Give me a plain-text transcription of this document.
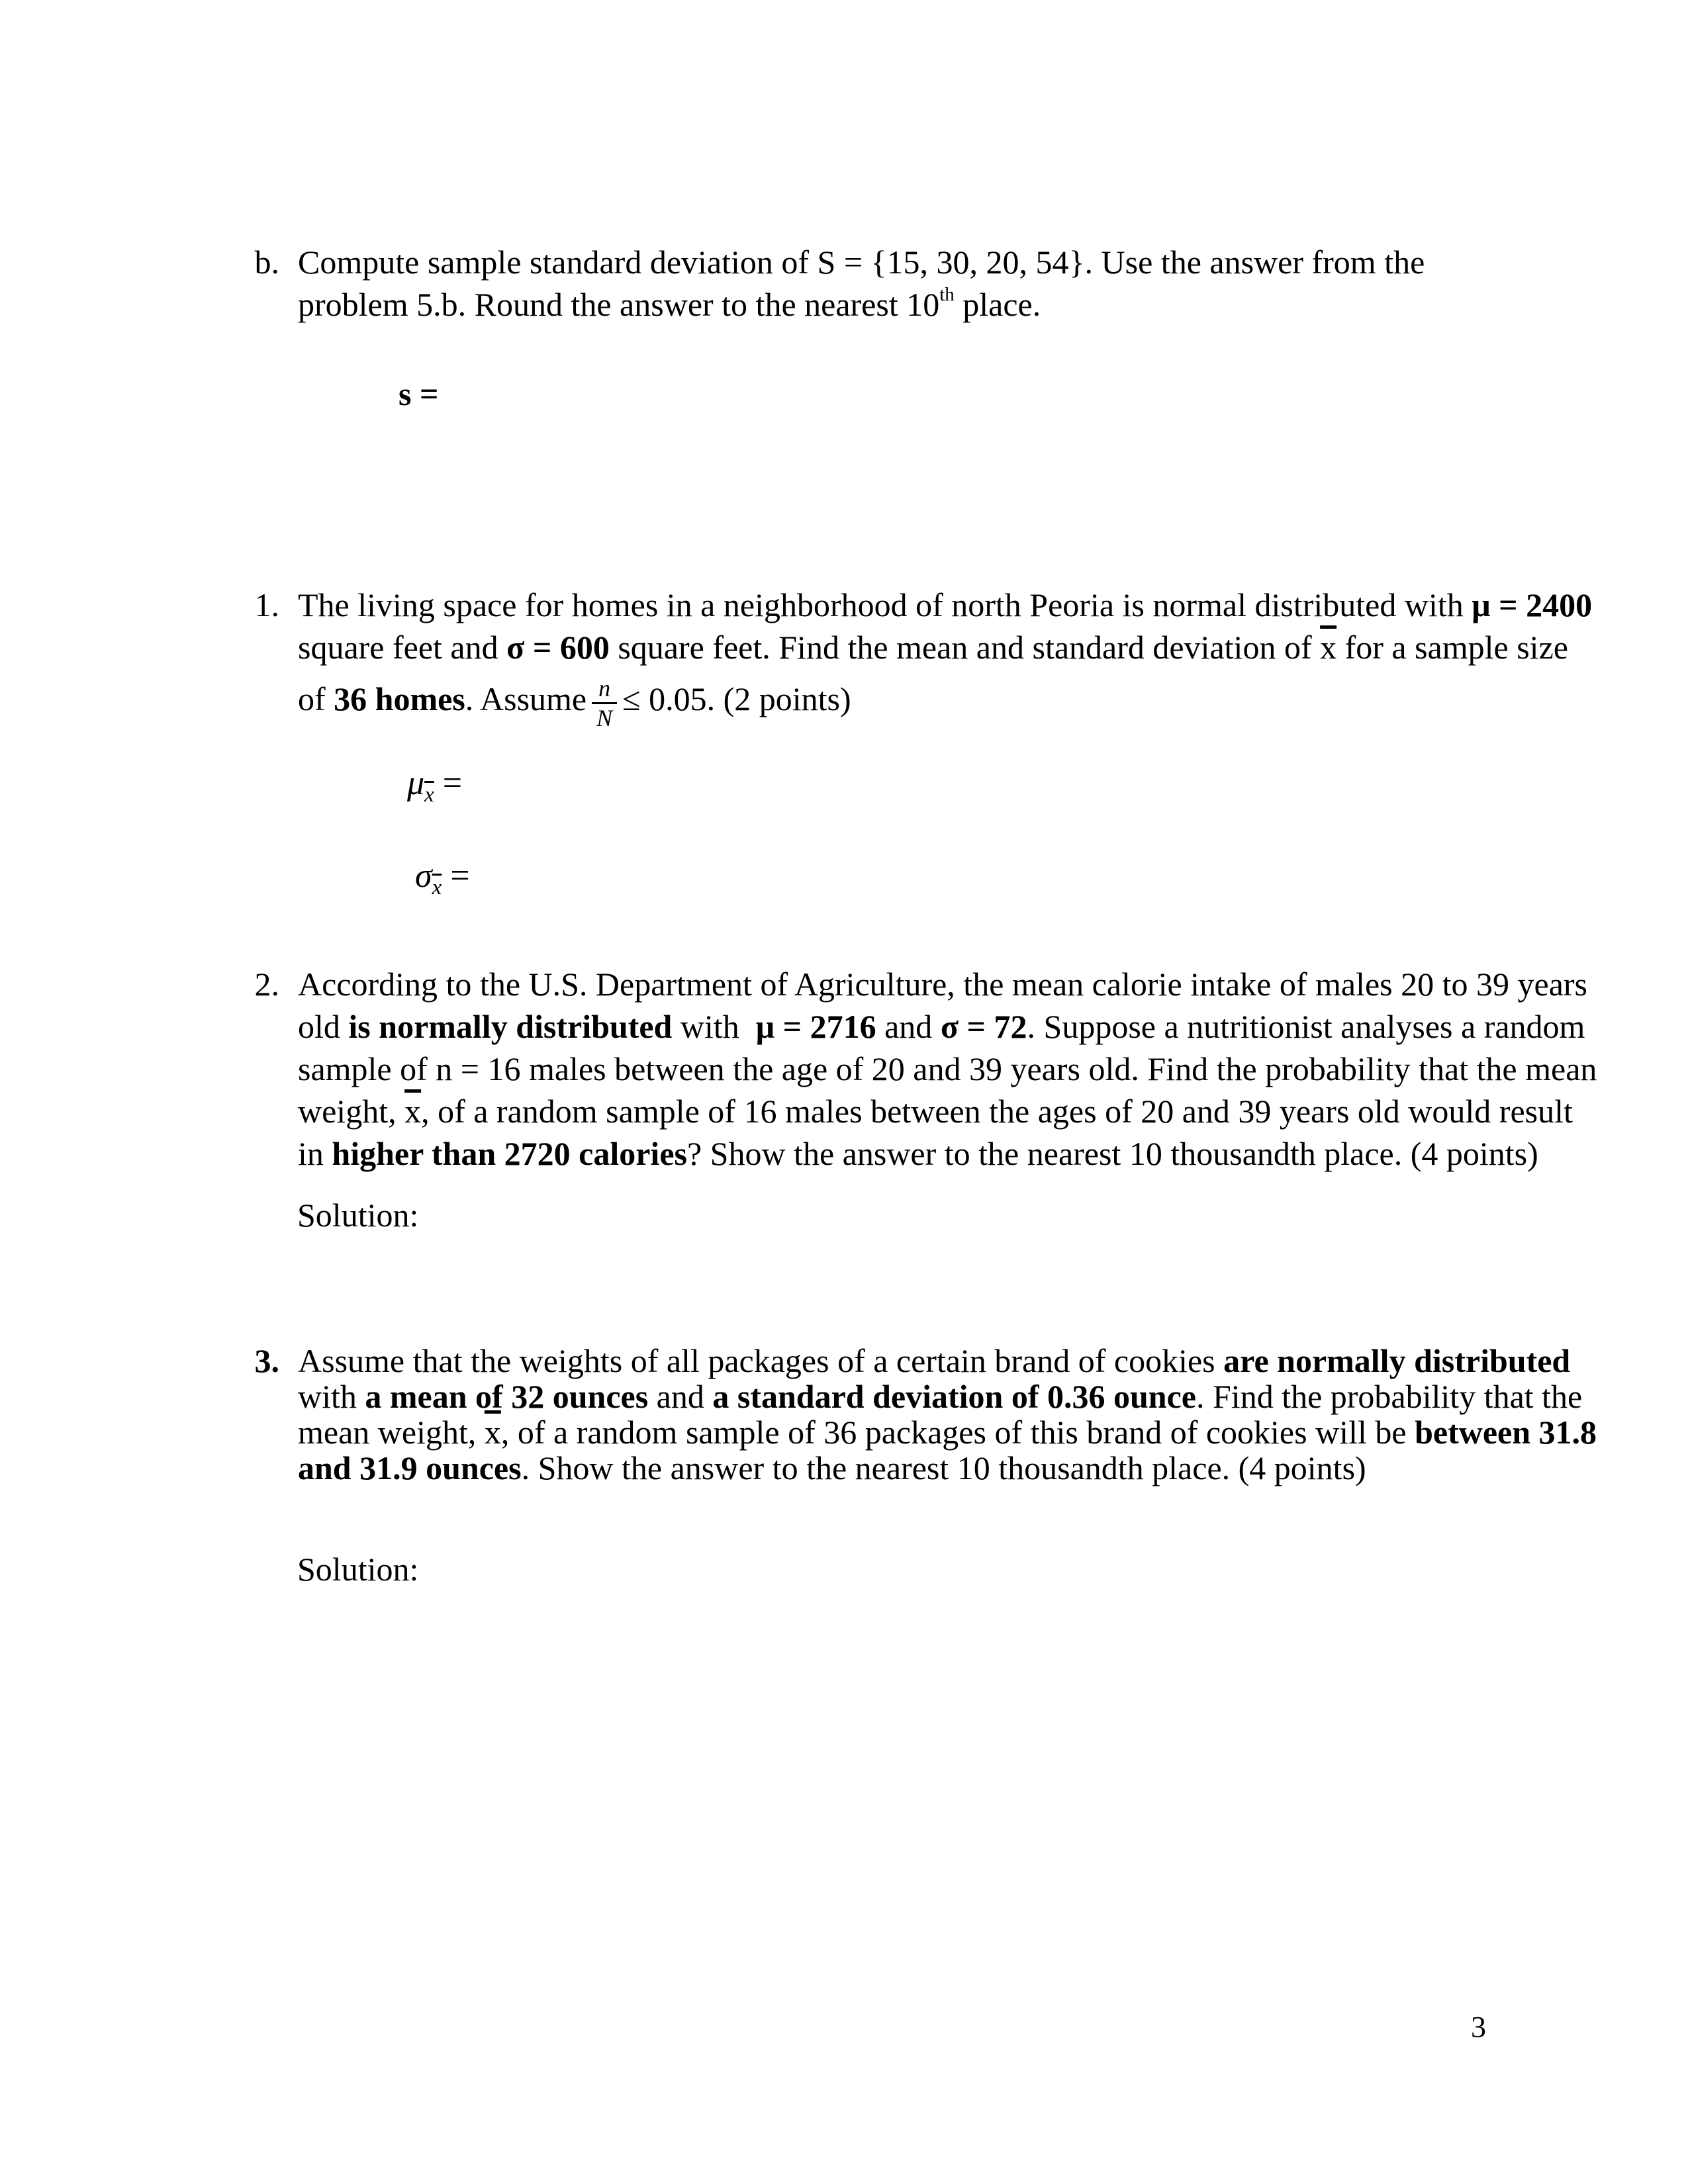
b. Compute sample standard deviation of S = {15, 30, 20, 54}. Use the answer from the
problem 5.b. Round the answer to the nearest 10th place.
s =
1. The living space for homes in a neighborhood of north Peoria is normal distributed with μ = 2400
square feet and σ = 600 square feet. Find the mean and standard deviation of $\overline{x}$ for a sample size
of 36 homes. Assume $\frac{n}{N} \le 0.05$. (2 points)
$\mu_{\overline{x}}$ =
$\sigma_{\overline{x}}$ =
2. According to the U.S. Department of Agriculture, the mean calorie intake of males 20 to 39 years
old is normally distributed with  μ = 2716 and σ = 72. Suppose a nutritionist analyses a random
sample of n = 16 males between the age of 20 and 39 years old. Find the probability that the mean
weight, $\overline{x}$, of a random sample of 16 males between the ages of 20 and 39 years old would result
in higher than 2720 calories? Show the answer to the nearest 10 thousandth place. (4 points)
Solution:
3. Assume that the weights of all packages of a certain brand of cookies are normally distributed
with a mean of 32 ounces and a standard deviation of 0.36 ounce. Find the probability that the
mean weight, $\overline{x}$, of a random sample of 36 packages of this brand of cookies will be between 31.8
and 31.9 ounces. Show the answer to the nearest 10 thousandth place. (4 points)
Solution:
3
